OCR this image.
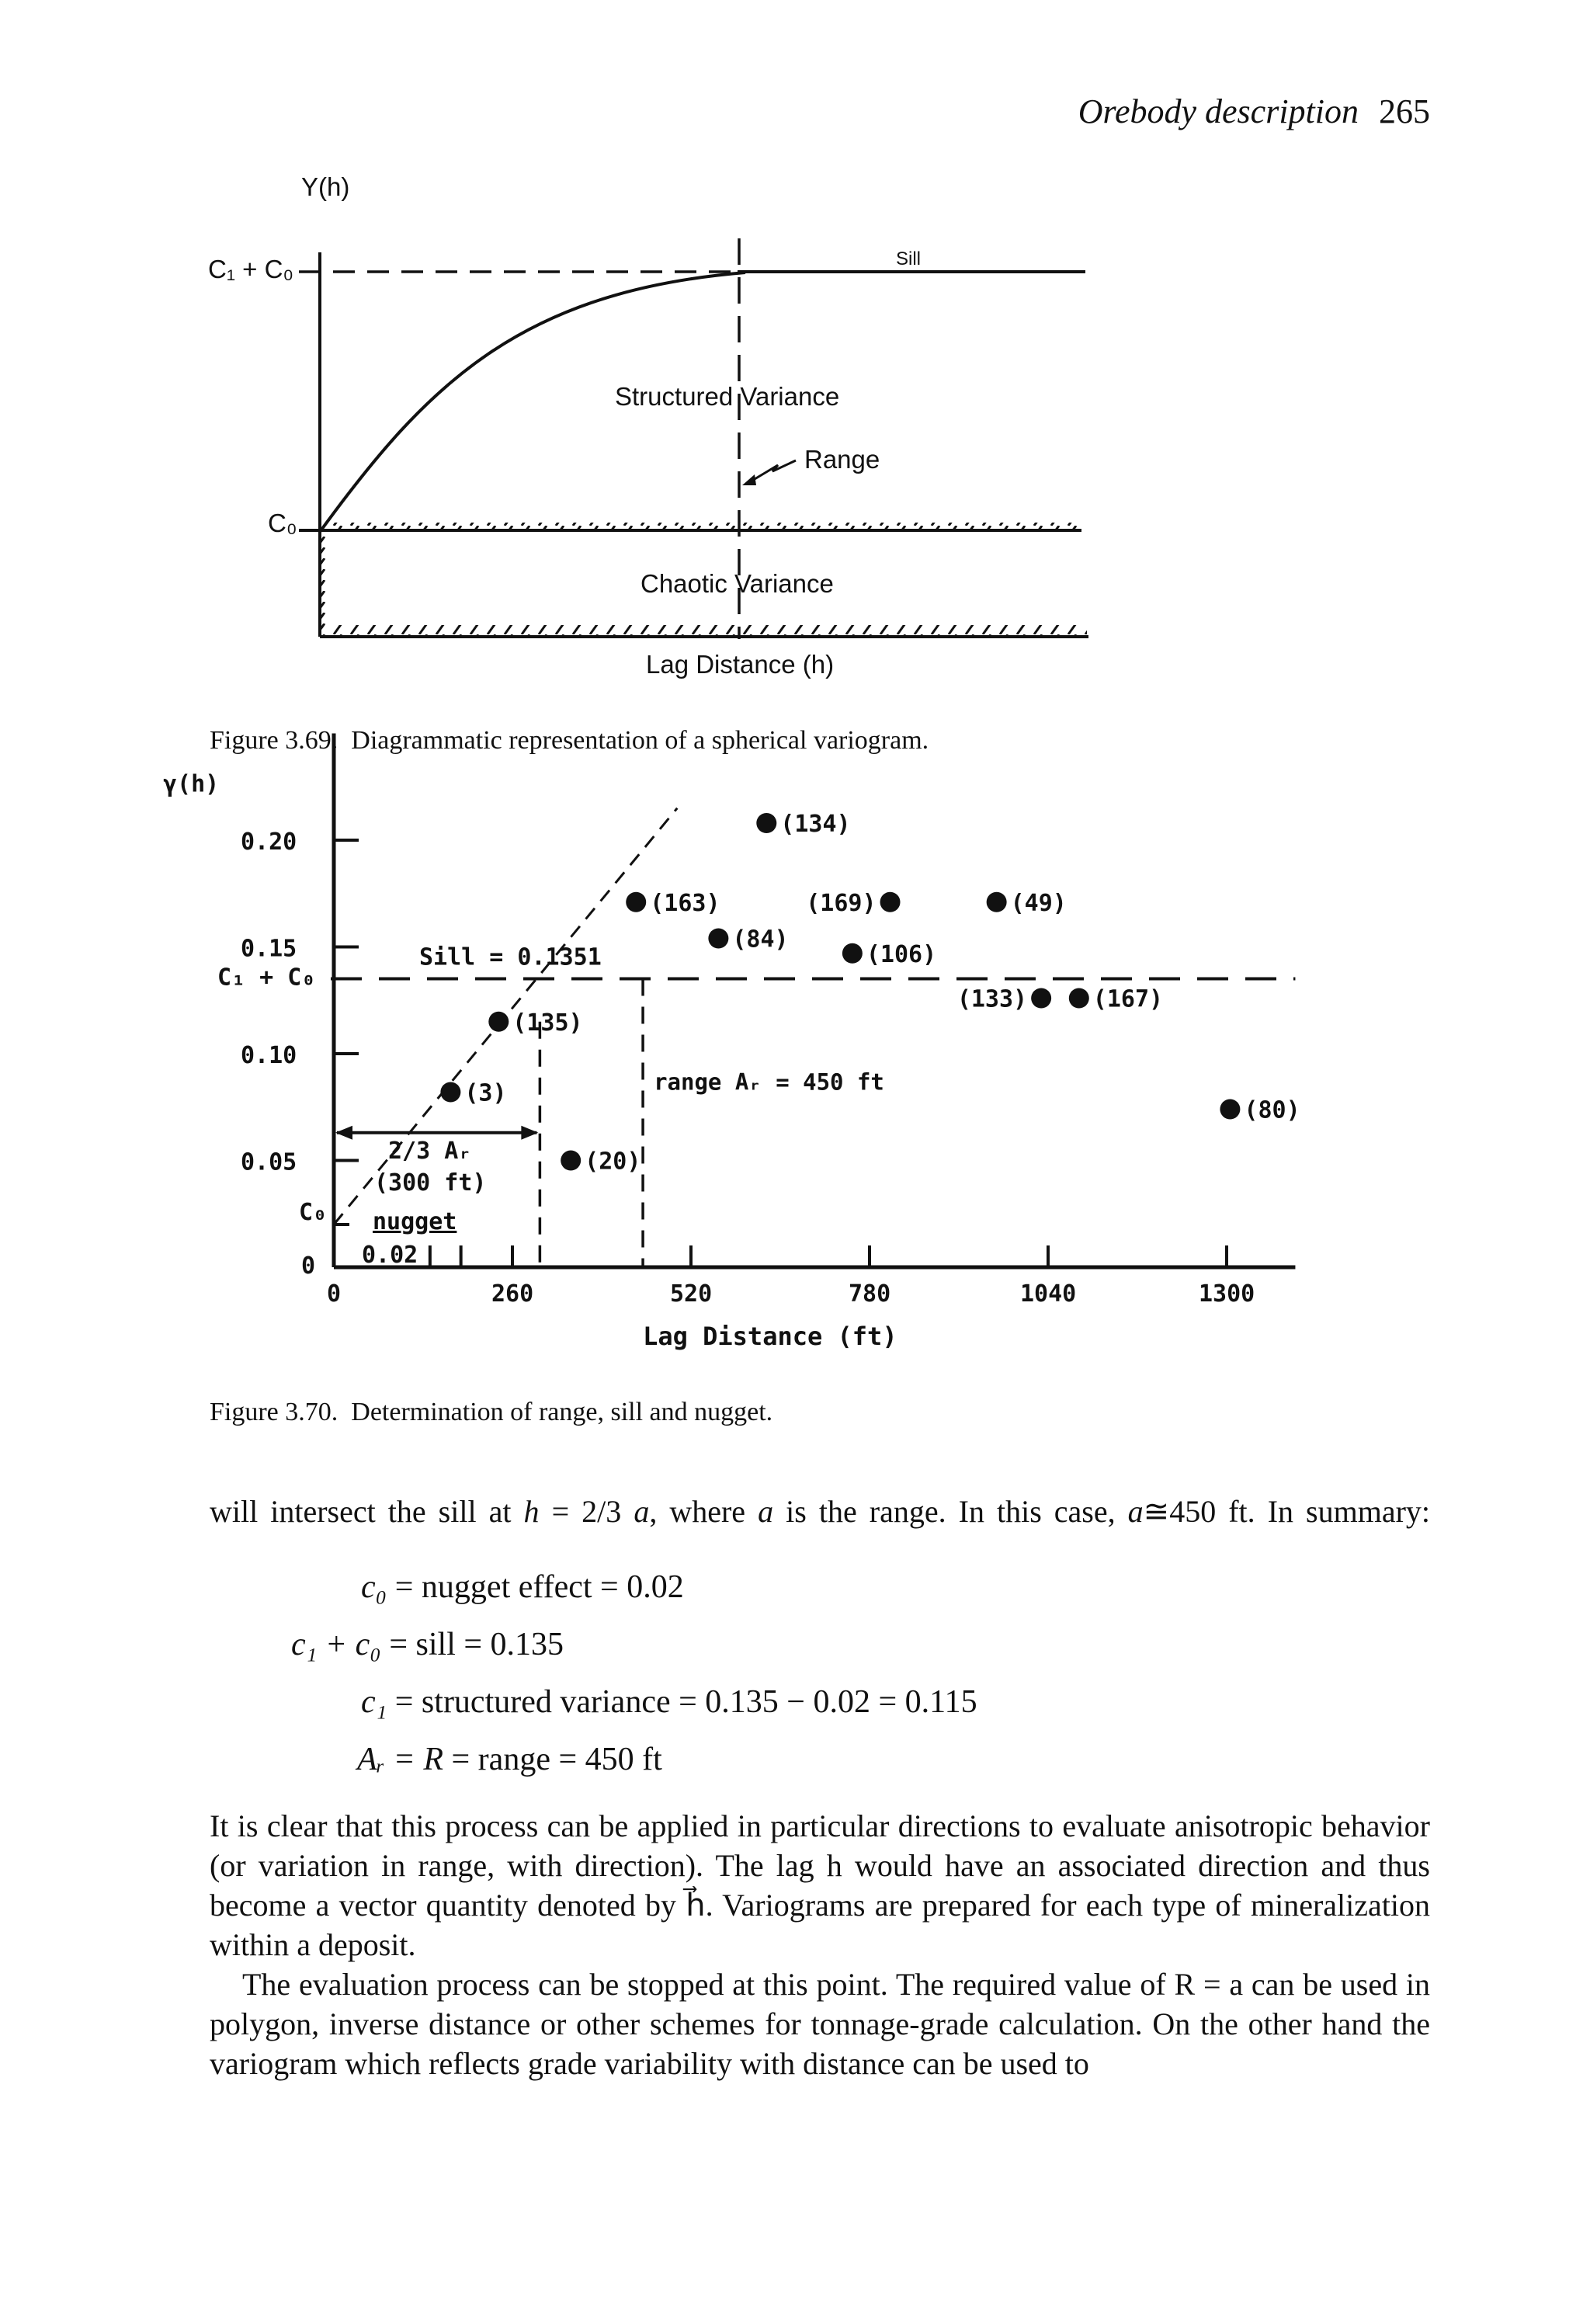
Orebody description 265
Y(h)
C₁ + C₀
C₀
Sill
Structured Variance
Range
Chaotic Variance
Lag Distance (h)
Figure 3.69. Diagrammatic representation of a spherical variogram.
γ(h)
0
0.05
0.10
0.15
0.20
0	260	520	780	1040	1300
Lag Distance (ft)
Sill = 0.1351
C₁ + C₀
C₀ nugget
0.02
range Aᵣ = 450 ft
2/3 Aᵣ
(300 ft)
(3)
(20)
(135)
(163)
(84)
(134)
(169)	(49)
(106)
(133)	(167)
(80)
Figure 3.70. Determination of range, sill and nugget.
will intersect the sill at h = 2/3 a, where a is the range. In this case, a≅450 ft. In summary:
c₀ = nugget effect = 0.02
c₁ + c₀ = sill = 0.135
c₁ = structured variance = 0.135 − 0.02 = 0.115
Aᵣ = R = range = 450 ft

It is clear that this process can be applied in particular directions to evaluate anisotropic behavior (or variation in range, with direction). The lag h would have an associated direction and thus become a vector quantity denoted by h⃗. Variograms are prepared for each type of mineralization within a deposit.

The evaluation process can be stopped at this point. The required value of R = a can be used in polygon, inverse distance or other schemes for tonnage-grade calculation. On the other hand the variogram which reflects grade variability with distance can be used to
